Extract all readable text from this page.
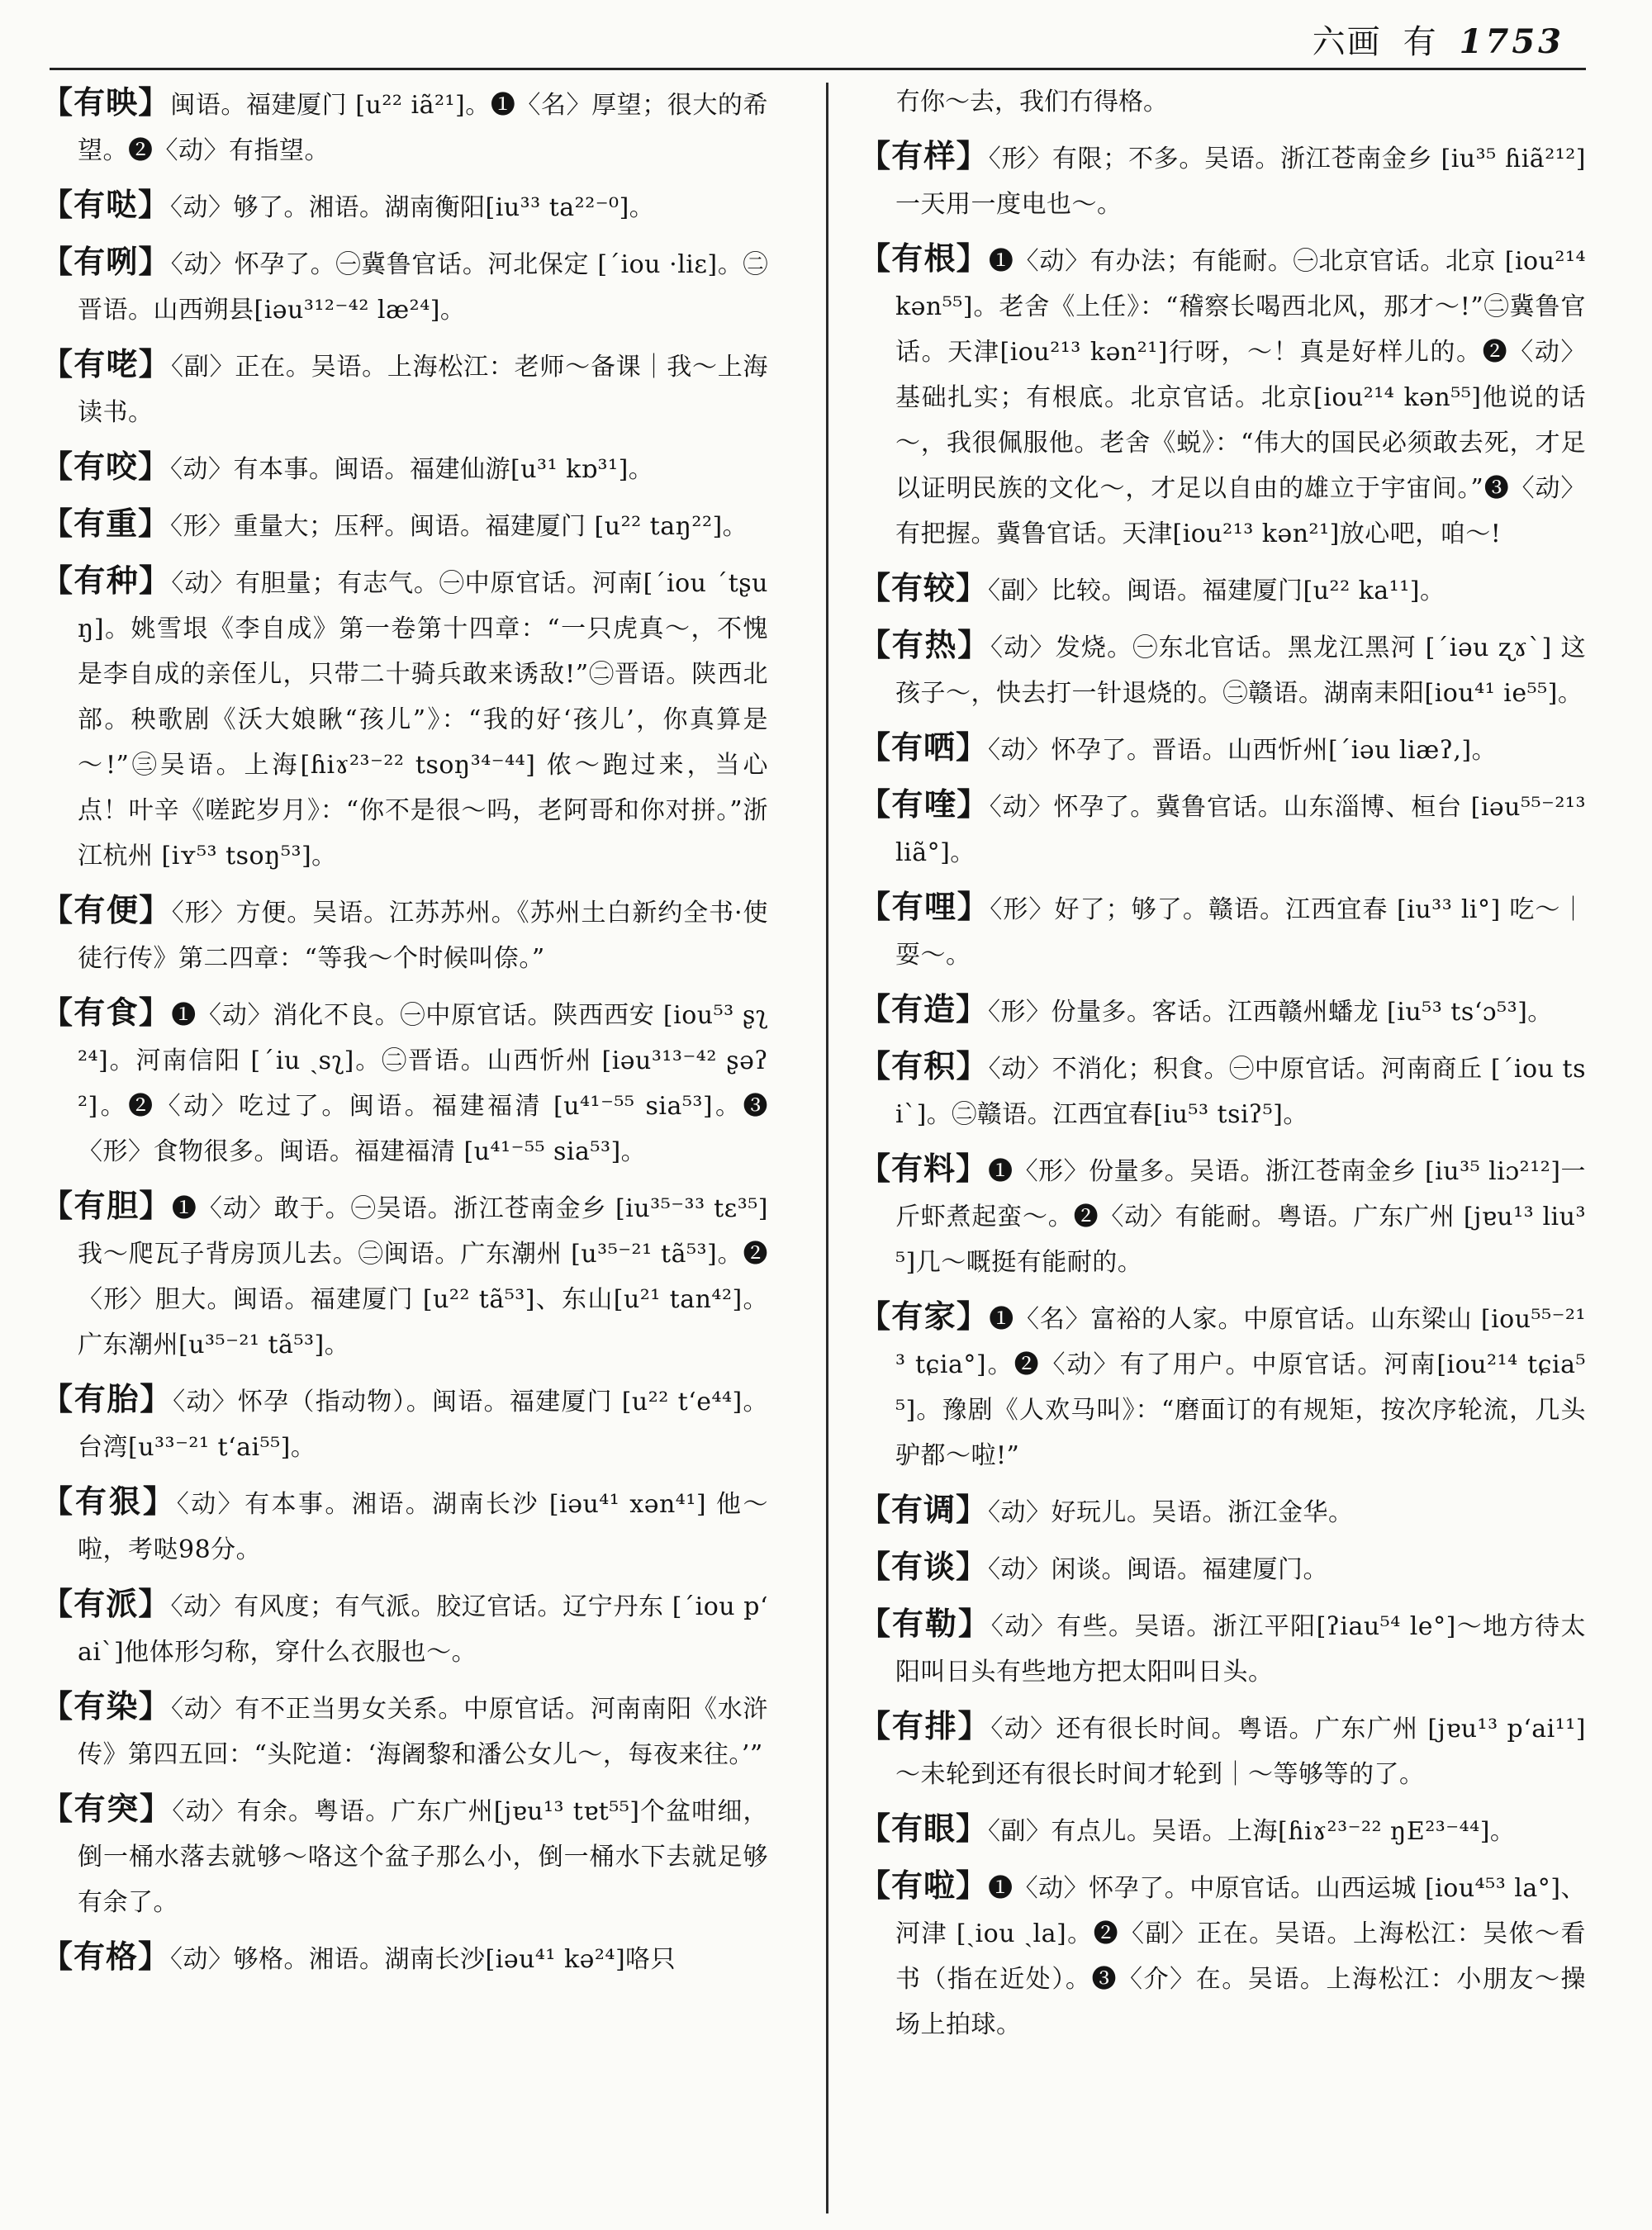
六画 有 1753

【有映】闽语。福建厦门 [u²² iã²¹]。❶〈名〉厚望；很大的希望。❷〈动〉有指望。

【有哒】〈动〉够了。湘语。湖南衡阳[iu³³ ta²²⁻⁰]。

【有咧】〈动〉怀孕了。㊀冀鲁官话。河北保定 [ˊiou ·liɛ]。㊁晋语。山西朔县[iəu³¹²⁻⁴² læ²⁴]。

【有咾】〈副〉正在。吴语。上海松江：老师～备课｜我～上海读书。

【有咬】〈动〉有本事。闽语。福建仙游[u³¹ kɒ³¹]。

【有重】〈形〉重量大；压秤。闽语。福建厦门 [u²² taŋ²²]。

【有种】〈动〉有胆量；有志气。㊀中原官话。河南[ˊiou ˊtʂuŋ]。姚雪垠《李自成》第一卷第十四章：“一只虎真～，不愧是李自成的亲侄儿，只带二十骑兵敢来诱敌!”㊁晋语。陕西北部。秧歌剧《沃大娘瞅“孩儿”》：“我的好‘孩儿’，你真算是～!”㊂吴语。上海[ɦiɤ²³⁻²² tsoŋ³⁴⁻⁴⁴] 侬～跑过来，当心点！叶辛《嗟跎岁月》：“你不是很～吗，老阿哥和你对拼。”浙江杭州 [iʏ⁵³ tsoŋ⁵³]。

【有便】〈形〉方便。吴语。江苏苏州。《苏州土白新约全书·使徒行传》第二四章：“等我～个时候叫倷。”

【有食】❶〈动〉消化不良。㊀中原官话。陕西西安 [iou⁵³ ʂʅ²⁴]。河南信阳 [ˊiu ˎsʅ]。㊁晋语。山西忻州 [iəu³¹³⁻⁴² ʂəʔ²]。❷〈动〉吃过了。闽语。福建福清 [u⁴¹⁻⁵⁵ sia⁵³]。❸〈形〉食物很多。闽语。福建福清 [u⁴¹⁻⁵⁵ sia⁵³]。

【有胆】❶〈动〉敢于。㊀吴语。浙江苍南金乡 [iu³⁵⁻³³ tɛ³⁵] 我～爬瓦子背房顶儿去。㊁闽语。广东潮州 [u³⁵⁻²¹ tã⁵³]。❷〈形〉胆大。闽语。福建厦门 [u²² tã⁵³]、东山[u²¹ tan⁴²]。广东潮州[u³⁵⁻²¹ tã⁵³]。

【有胎】〈动〉怀孕（指动物）。闽语。福建厦门 [u²² tʻe⁴⁴]。台湾[u³³⁻²¹ tʻai⁵⁵]。

【有狠】〈动〉有本事。湘语。湖南长沙 [iəu⁴¹ xən⁴¹] 他～啦，考哒98分。

【有派】〈动〉有风度；有气派。胶辽官话。辽宁丹东 [ˊiou pʻaiˋ]他体形匀称，穿什么衣服也～。

【有染】〈动〉有不正当男女关系。中原官话。河南南阳《水浒传》第四五回：“头陀道：‘海阇黎和潘公女儿～，每夜来往。’”

【有突】〈动〉有余。粤语。广东广州[jɐu¹³ tɐt⁵⁵]个盆咁细，倒一桶水落去就够～咯这个盆子那么小，倒一桶水下去就足够有余了。

【有格】〈动〉够格。湘语。湖南长沙[iəu⁴¹ kə²⁴]咯只

冇你～去，我们冇得格。

【有样】〈形〉有限；不多。吴语。浙江苍南金乡 [iu³⁵ ɦiã²¹²]一天用一度电也～。

【有根】❶〈动〉有办法；有能耐。㊀北京官话。北京 [iou²¹⁴ kən⁵⁵]。老舍《上任》：“稽察长喝西北风，那才～!”㊁冀鲁官话。天津[iou²¹³ kən²¹]行呀，～！真是好样儿的。❷〈动〉基础扎实；有根底。北京官话。北京[iou²¹⁴ kən⁵⁵]他说的话～，我很佩服他。老舍《蜕》：“伟大的国民必须敢去死，才足以证明民族的文化～，才足以自由的雄立于宇宙间。”❸〈动〉有把握。冀鲁官话。天津[iou²¹³ kən²¹]放心吧，咱～!

【有较】〈副〉比较。闽语。福建厦门[u²² ka¹¹]。

【有热】〈动〉发烧。㊀东北官话。黑龙江黑河 [ˊiəu ʐɤˋ] 这孩子～，快去打一针退烧的。㊁赣语。湖南耒阳[iou⁴¹ ie⁵⁵]。

【有哂】〈动〉怀孕了。晋语。山西忻州[ˊiəu liæʔ,]。

【有喹】〈动〉怀孕了。冀鲁官话。山东淄博、桓台 [iəu⁵⁵⁻²¹³ liã°]。

【有哩】〈形〉好了；够了。赣语。江西宜春 [iu³³ li°] 吃～｜耍～。

【有造】〈形〉份量多。客话。江西赣州蟠龙 [iu⁵³ tsʻɔ⁵³]。

【有积】〈动〉不消化；积食。㊀中原官话。河南商丘 [ˊiou tsiˋ]。㊁赣语。江西宜春[iu⁵³ tsiʔ⁵]。

【有料】❶〈形〉份量多。吴语。浙江苍南金乡 [iu³⁵ liɔ²¹²]一斤虾煮起蛮～。❷〈动〉有能耐。粤语。广东广州 [jɐu¹³ liu³⁵]几～嘅挺有能耐的。

【有家】❶〈名〉富裕的人家。中原官话。山东梁山 [iou⁵⁵⁻²¹³ tɕia°]。❷〈动〉有了用户。中原官话。河南[iou²¹⁴ tɕia⁵⁵]。豫剧《人欢马叫》：“磨面订的有规矩，按次序轮流，几头驴都～啦!”

【有调】〈动〉好玩儿。吴语。浙江金华。

【有谈】〈动〉闲谈。闽语。福建厦门。

【有勒】〈动〉有些。吴语。浙江平阳[ʔiau⁵⁴ le°]～地方待太阳叫日头有些地方把太阳叫日头。

【有排】〈动〉还有很长时间。粤语。广东广州 [jɐu¹³ pʻai¹¹]～未轮到还有很长时间才轮到｜～等够等的了。

【有眼】〈副〉有点儿。吴语。上海[ɦiɤ²³⁻²² ŋE²³⁻⁴⁴]。

【有啦】❶〈动〉怀孕了。中原官话。山西运城 [iou⁴⁵³ la°]、河津 [ˏiou ˏla]。❷〈副〉正在。吴语。上海松江：吴侬～看书（指在近处）。❸〈介〉在。吴语。上海松江：小朋友～操场上拍球。
